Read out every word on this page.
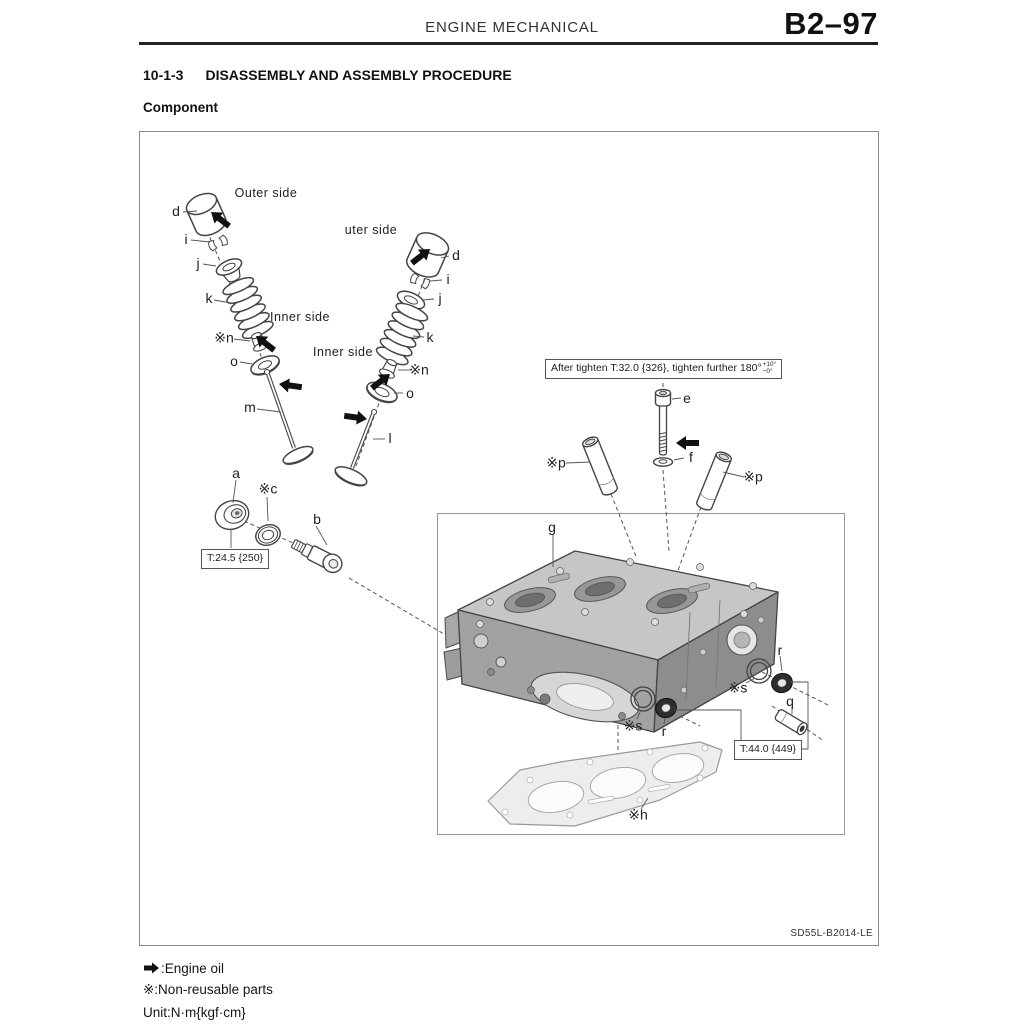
ENGINE MECHANICAL	B2–97
10-1-3 DISASSEMBLY AND ASSEMBLY PROCEDURE
Component
Outer side
uter side
Inner side
Inner side
d
i
j
k
※n
o
m
d
i
j
k
※n
o
l
a
※c
b
e
f
※p
※p
g
r
※s
q
※s r
※h
After tighten T:32.0 {326}, tighten further 180° +10°
−0°
T:24.5 {250}
T:44.0 {449}
SD55L-B2014-LE
:Engine oil
※:Non-reusable parts
Unit:N·m{kgf·cm}
